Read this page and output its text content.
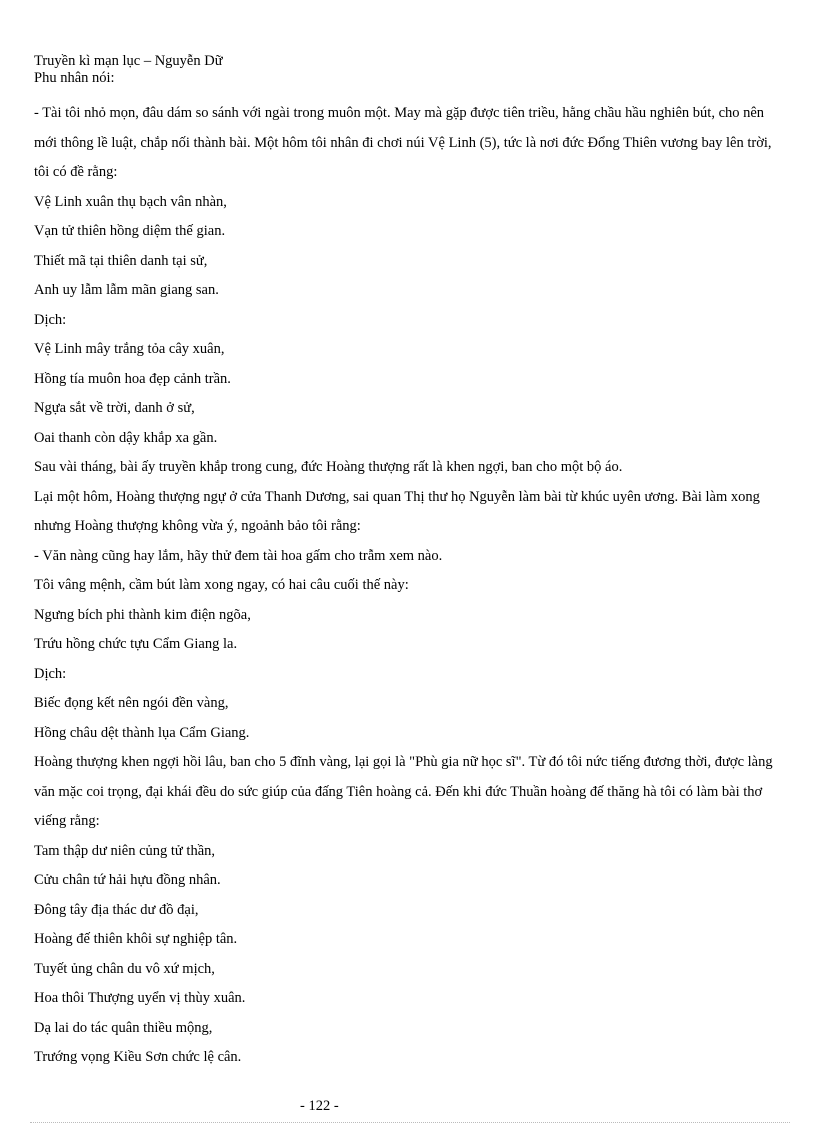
Truyền kì mạn lục – Nguyễn Dữ
Phu nhân nói:

- Tài tôi nhỏ mọn, đâu dám so sánh với ngài trong muôn một. May mà gặp được tiên triều, hằng chầu hầu nghiên bút, cho nên mới thông lề luật, chắp nối thành bài. Một hôm tôi nhân đi chơi núi Vệ Linh (5), tức là nơi đức Đổng Thiên vương bay lên trời, tôi có đề rằng:

Vệ Linh xuân thụ bạch vân nhàn,

Vạn tử thiên hồng diệm thế gian.

Thiết mã tại thiên danh tại sử,

Anh uy lẫm lẫm mãn giang san.

Dịch:

Vệ Linh mây trắng tỏa cây xuân,

Hồng tía muôn hoa đẹp cảnh trần.

Ngựa sắt về trời, danh ở sử,

Oai thanh còn dậy khắp xa gần.

Sau vài tháng, bài ấy truyền khắp trong cung, đức Hoàng thượng rất là khen ngợi, ban cho một bộ áo.

Lại một hôm, Hoàng thượng ngự ở cửa Thanh Dương, sai quan Thị thư họ Nguyễn làm bài từ khúc uyên ương. Bài làm xong nhưng Hoàng thượng không vừa ý, ngoảnh bảo tôi rằng:

- Văn nàng cũng hay lắm, hãy thử đem tài hoa gấm cho trẫm xem nào.

Tôi vâng mệnh, cầm bút làm xong ngay, có hai câu cuối thế này:

Ngưng bích phi thành kim điện ngõa,

Trứu hồng chức tựu Cẩm Giang la.

Dịch:

Biếc đọng kết nên ngói đền vàng,

Hồng châu dệt thành lụa Cẩm Giang.

Hoàng thượng khen ngợi hồi lâu, ban cho 5 đĩnh vàng, lại gọi là "Phù gia nữ học sĩ". Từ đó tôi nức tiếng đương thời, được làng văn mặc coi trọng, đại khái đều do sức giúp của đấng Tiên hoàng cả. Đến khi đức Thuần hoàng đế thăng hà tôi có làm bài thơ viếng rằng:

Tam thập dư niên củng tử thần,

Cửu chân tứ hải hựu đồng nhân.

Đông tây địa thác dư đồ đại,

Hoàng đế thiên khôi sự nghiệp tân.

Tuyết ủng chân du vô xứ mịch,

Hoa thôi Thượng uyển vị thùy xuân.

Dạ lai do tác quân thiều mộng,

Trướng vọng Kiều Sơn chức lệ cân.

- 122 -
